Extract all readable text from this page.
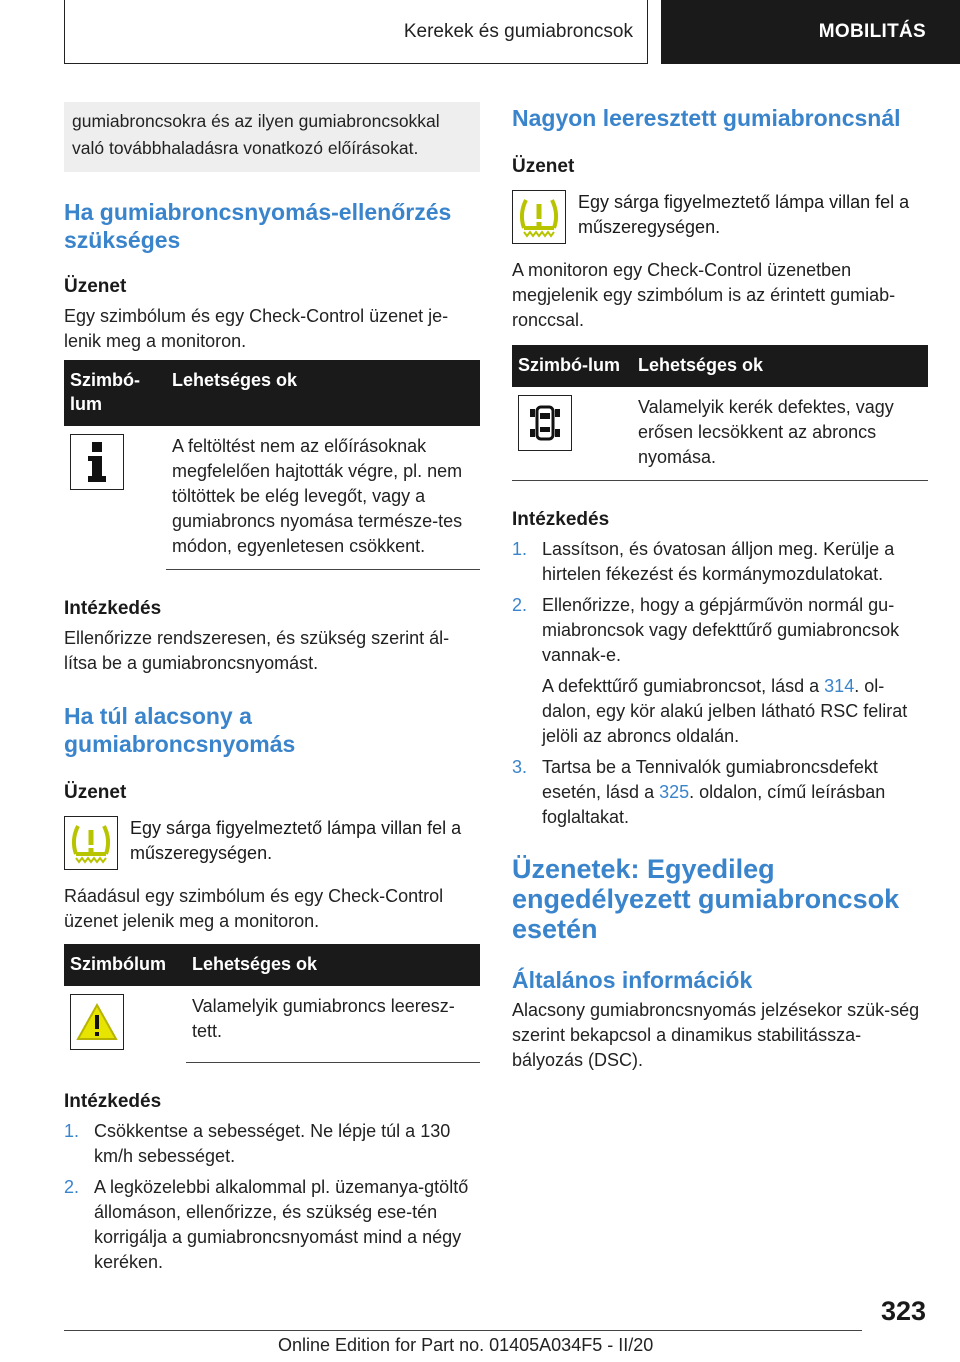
Kerekek és gumiabroncsok	MOBILITÁS
gumiabroncsokra és az ilyen gumiabroncsokkal való továbbhaladásra vonatkozó előírásokat.
Ha gumiabroncsnyomás-ellenőrzés szükséges
Üzenet

Egy szimbólum és egy Check-Control üzenet je-lenik meg a monitoron.

Szimbó-lum	Lehetséges ok

	A feltöltést nem az előírásoknak megfelelően hajtották végre, pl. nem töltöttek be elég levegőt, vagy a gumiabroncs nyomása természe-tes módon, egyenletesen csökkent.
Intézkedés

Ellenőrizze rendszeresen, és szükség szerint ál-lítsa be a gumiabroncsnyomást.

Ha túl alacsony a gumiabroncsnyomás
Üzenet
Egy sárga figyelmeztető lámpa villan fel a műszeregységen.

Ráadásul egy szimbólum és egy Check-Control üzenet jelenik meg a monitoron.

Szimbólum	Lehetséges ok

	Valamelyik gumiabroncs leeresz-tett.
Intézkedés
1. Csökkentse a sebességet. Ne lépje túl a 130 km/h sebességet.
2. A legközelebbi alkalommal pl. üzemanya-gtöltő állomáson, ellenőrizze, és szükség ese-tén korrigálja a gumiabroncsnyomást mind a négy keréken.
Nagyon leeresztett gumiabroncsnál
Üzenet
Egy sárga figyelmeztető lámpa villan fel a műszeregységen.

A monitoron egy Check-Control üzenetben megjelenik egy szimbólum is az érintett gumiab-ronccsal.

Szimbó-lum	Lehetséges ok

	Valamelyik kerék defektes, vagy erősen lecsökkent az abroncs nyomása.
Intézkedés
1. Lassítson, és óvatosan álljon meg. Kerülje a hirtelen fékezést és kormánymozdulatokat.
2. Ellenőrizze, hogy a gépjárművön normál gu-miabroncsok vagy defekttűrő gumiabroncsok vannak-e.
A defekttűrő gumiabroncsot, lásd a 314. ol-dalon, egy kör alakú jelben látható RSC felirat jelöli az abroncs oldalán.
3. Tartsa be a Tennivalók gumiabroncsdefekt esetén, lásd a 325. oldalon, című leírásban foglaltakat.
Üzenetek: Egyedileg engedélyezett gumiabroncsok esetén
Általános információk

Alacsony gumiabroncsnyomás jelzésekor szük-ség szerint bekapcsol a dinamikus stabilitássza-bályozás (DSC).

323
Online Edition for Part no. 01405A034F5 - II/20
